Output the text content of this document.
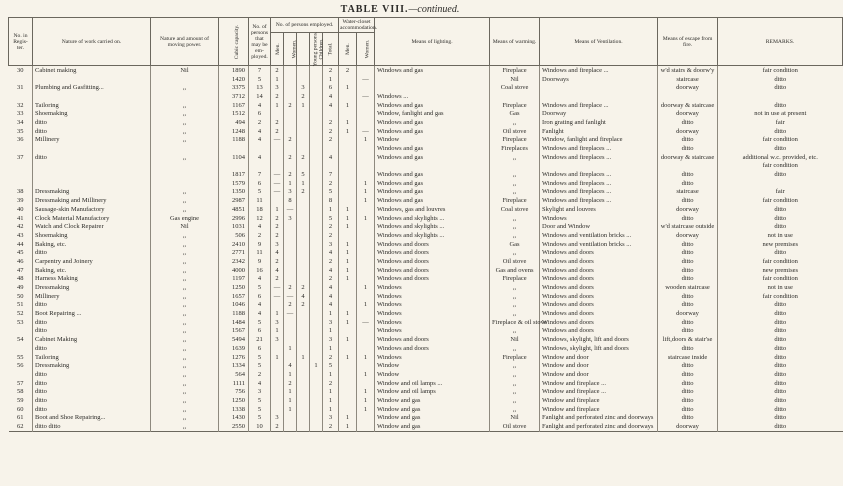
TABLE VIII.—continued.
No. in Regis-ter.	Nature of work carried on.	Nature and amount of moving power.	Cubic capacity.	No. of persons that may be em-ployed.	No. of persons employed.					Water-closet accommodation.		Means of lighting.	Means of warming.	Means of Ventilation.	Means of escape from fire.	REMARKS.
					Men.	Women.	Young persons.	Children.	Total.	Men.	Women.					
30	Cabinet making	Nil	1890	7	2				2	2		Windows and gas	Fireplace	Windows and fireplace ...	w'd stairs & doorw'y	fair condition
			1420	5	1				1		—		Nil	Doorways	staircase	ditto
31	Plumbing and Gasfitting...	,,	3375	13	3		3		6	1			Coal stove		doorway	ditto
			3712	14	2		2		4		—	Windows ...				
32	Tailoring	,,	1167	4	1	2	1		4	1		Windows and gas	Fireplace	Windows and fireplace ...	doorway & staircase	ditto
33	Shoemaking	,,	1512	6								Window, fanlight and gas	Gas	Doorway	doorway	not in use at present
34	ditto	,,	494	2	2				2	1		Windows and gas	,,	Iron grating and fanlight	ditto	fair
35	ditto	,,	1248	4	2				2	1	—	Windows and gas	Oil stove	Fanlight	doorway	ditto
36	Millinery	,,	1188	4	—	2			2		1	Window	Fireplace	Window, fanlight and fireplace	ditto	fair condition
												Windows and gas	Fireplaces	Windows and fireplaces ...	ditto	ditto
37	ditto	,,	1104	4		2	2		4			Windows and gas	,,	Windows and fireplaces ...	doorway & staircase	additional w.c. provided, etc.
																fair condition
			1817	7	—	2	5		7			Windows and gas	,,	Windows and fireplaces ...	ditto	ditto
			1579	6	—	1	1		2		1	Windows and gas	,,	Windows and fireplaces ...	ditto	
38	Dressmaking	,,	1350	5	—	3	2		5		1	Windows and gas	,,	Windows and fireplaces ...	staircase	fair
39	Dressmaking and Millinery	,,	2987	11		8			8		1	Windows and gas	Fireplace	Windows and fireplaces ...	ditto	fair condition
40	Sausage-skin Manufactory	,,	4851	18	1	—			1	1		Windows, gas and louvres	Coal stove	Skylight and louvres	doorway	ditto
41	Clock Material Manufactory	Gas engine	2996	12	2	3			5	1	1	Windows and skylights ...	,,	Windows	ditto	ditto
42	Watch and Clock Repairer	Nil	1031	4	2				2	1		Windows and skylights ...	,,	Door and Window	w'd staircase outside	ditto
43	Shoemaking	,,	506	2	2				2			Windows and skylights ...	,,	Windows and ventilation bricks ...	doorway	not in use
44	Baking, etc.	,,	2410	9	3				3	1		Windows and doors	Gas	Windows and ventilation bricks ...	ditto	new premises
45	ditto	,,	2771	11	4				4	1		Windows and doors	,,	Windows and doors	ditto	ditto
46	Carpentry and Joinery	,,	2342	9	2				2	1		Windows and doors	Oil stove	Windows and doors	ditto	fair condition
47	Baking, etc.	,,	4000	16	4				4	1		Windows and doors	Gas and ovens	Windows and doors	ditto	new premises
48	Harness Making	,,	1197	4	2				2	1		Windows and doors	Fireplace	Windows and doors	ditto	fair condition
49	Dressmaking	,,	1250	5	—	2	2		4		1	Windows	,,	Windows and doors	wooden staircase	not in use
50	Millinery	,,	1657	6	—	—	4		4			Windows	,,	Windows and doors	ditto	fair condition
51	ditto	,,	1046	4		2	2		4		1	Windows	,,	Windows and doors	ditto	ditto
52	Boot Repairing ...	,,	1188	4	1	—			1	1		Windows	,,	Windows and doors	doorway	ditto
53	ditto	,,	1484	5	3				3	1	—	Windows	Fireplace & oil stove	Windows and doors	ditto	ditto
	ditto	,,	1567	6	1				1			Windows	,,	Windows and doors	ditto	ditto
54	Cabinet Making	,,	5494	21	3				3	1		Windows and doors	Nil	Windows, skylight, lift and doors	lift,doors & stair'se	ditto
	ditto	,,	1639	6		1			1			Windows and doors	,,	Windows, skylight, lift and doors	ditto	ditto
55	Tailoring	,,	1276	5	1		1		2	1	1	Windows	Fireplace	Window and door	staircase inside	ditto
56	Dressmaking	,,	1334	5		4		1	5			Window	,,	Window and door	ditto	ditto
	ditto	,,	564	2		1			1		1	Window	,,	Window and door	ditto	ditto
57	ditto	,,	1111	4		2			2			Window and oil lamps ...	,,	Window and fireplace ...	ditto	ditto
58	ditto	,,	756	3		1			1		1	Window and oil lamps	,,	Window and fireplace ...	ditto	ditto
59	ditto	,,	1250	5		1			1		1	Window and gas	,,	Window and fireplace	ditto	ditto
60	ditto	,,	1338	5		1			1		1	Window and gas	,,	Window and fireplace	ditto	ditto
61	Boot and Shoe Repairing...	,,	1430	5	3				3	1		Window and gas	Nil	Fanlight and perforated zinc and doorways	ditto	ditto
62	ditto ditto	,,	2550	10	2				2	1		Window and gas	Oil stove	Fanlight and perforated zinc and doorways	doorway	ditto
